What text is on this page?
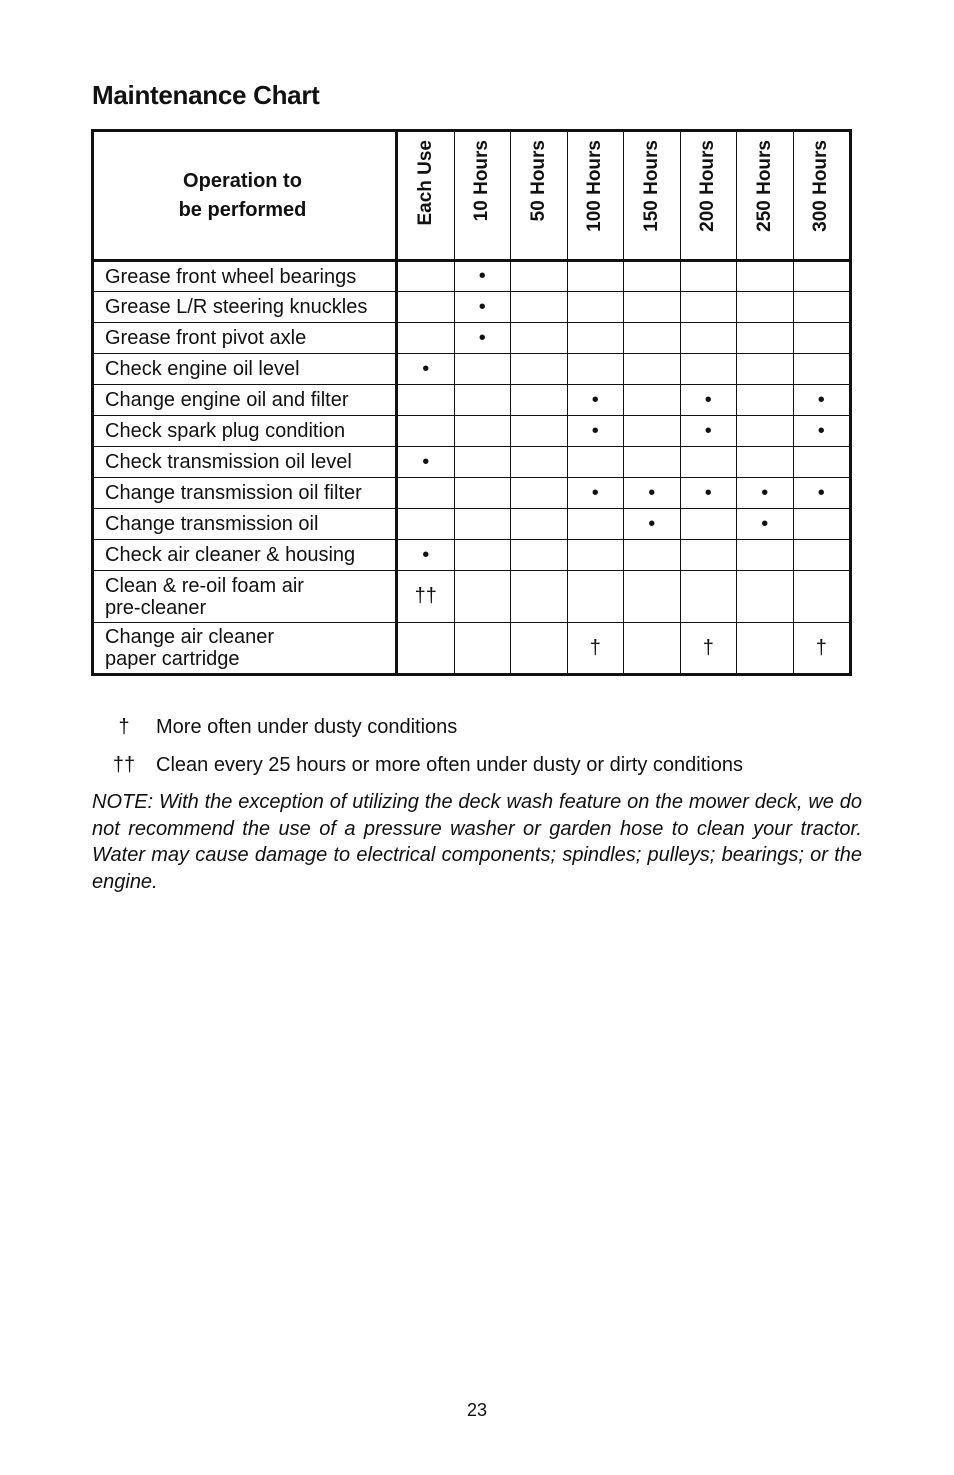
Maintenance Chart
Operation to
be performed	Each Use	10 Hours	50 Hours	100 Hours	150 Hours	200 Hours	250 Hours	300 Hours

Grease front wheel bearings		•						

Grease L/R steering knuckles		•						

Grease front pivot axle		•						

Check engine oil level	•							

Change engine oil and filter				•		•		•

Check spark plug condition				•		•		•

Check transmission oil level	•							

Change transmission oil filter				•	•	•	•	•

Change transmission oil					•		•	

Check air cleaner & housing	•							

Clean & re-oil foam air
pre-cleaner	††							

Change air cleaner
paper cartridge				†		†		†
† More often under dusty conditions
†† Clean every 25 hours or more often under dusty or dirty conditions
NOTE: With the exception of utilizing the deck wash feature on the mower deck, we do not recommend the use of a pressure washer or garden hose to clean your tractor. Water may cause damage to electrical components; spindles; pulleys; bearings; or the engine.
23
